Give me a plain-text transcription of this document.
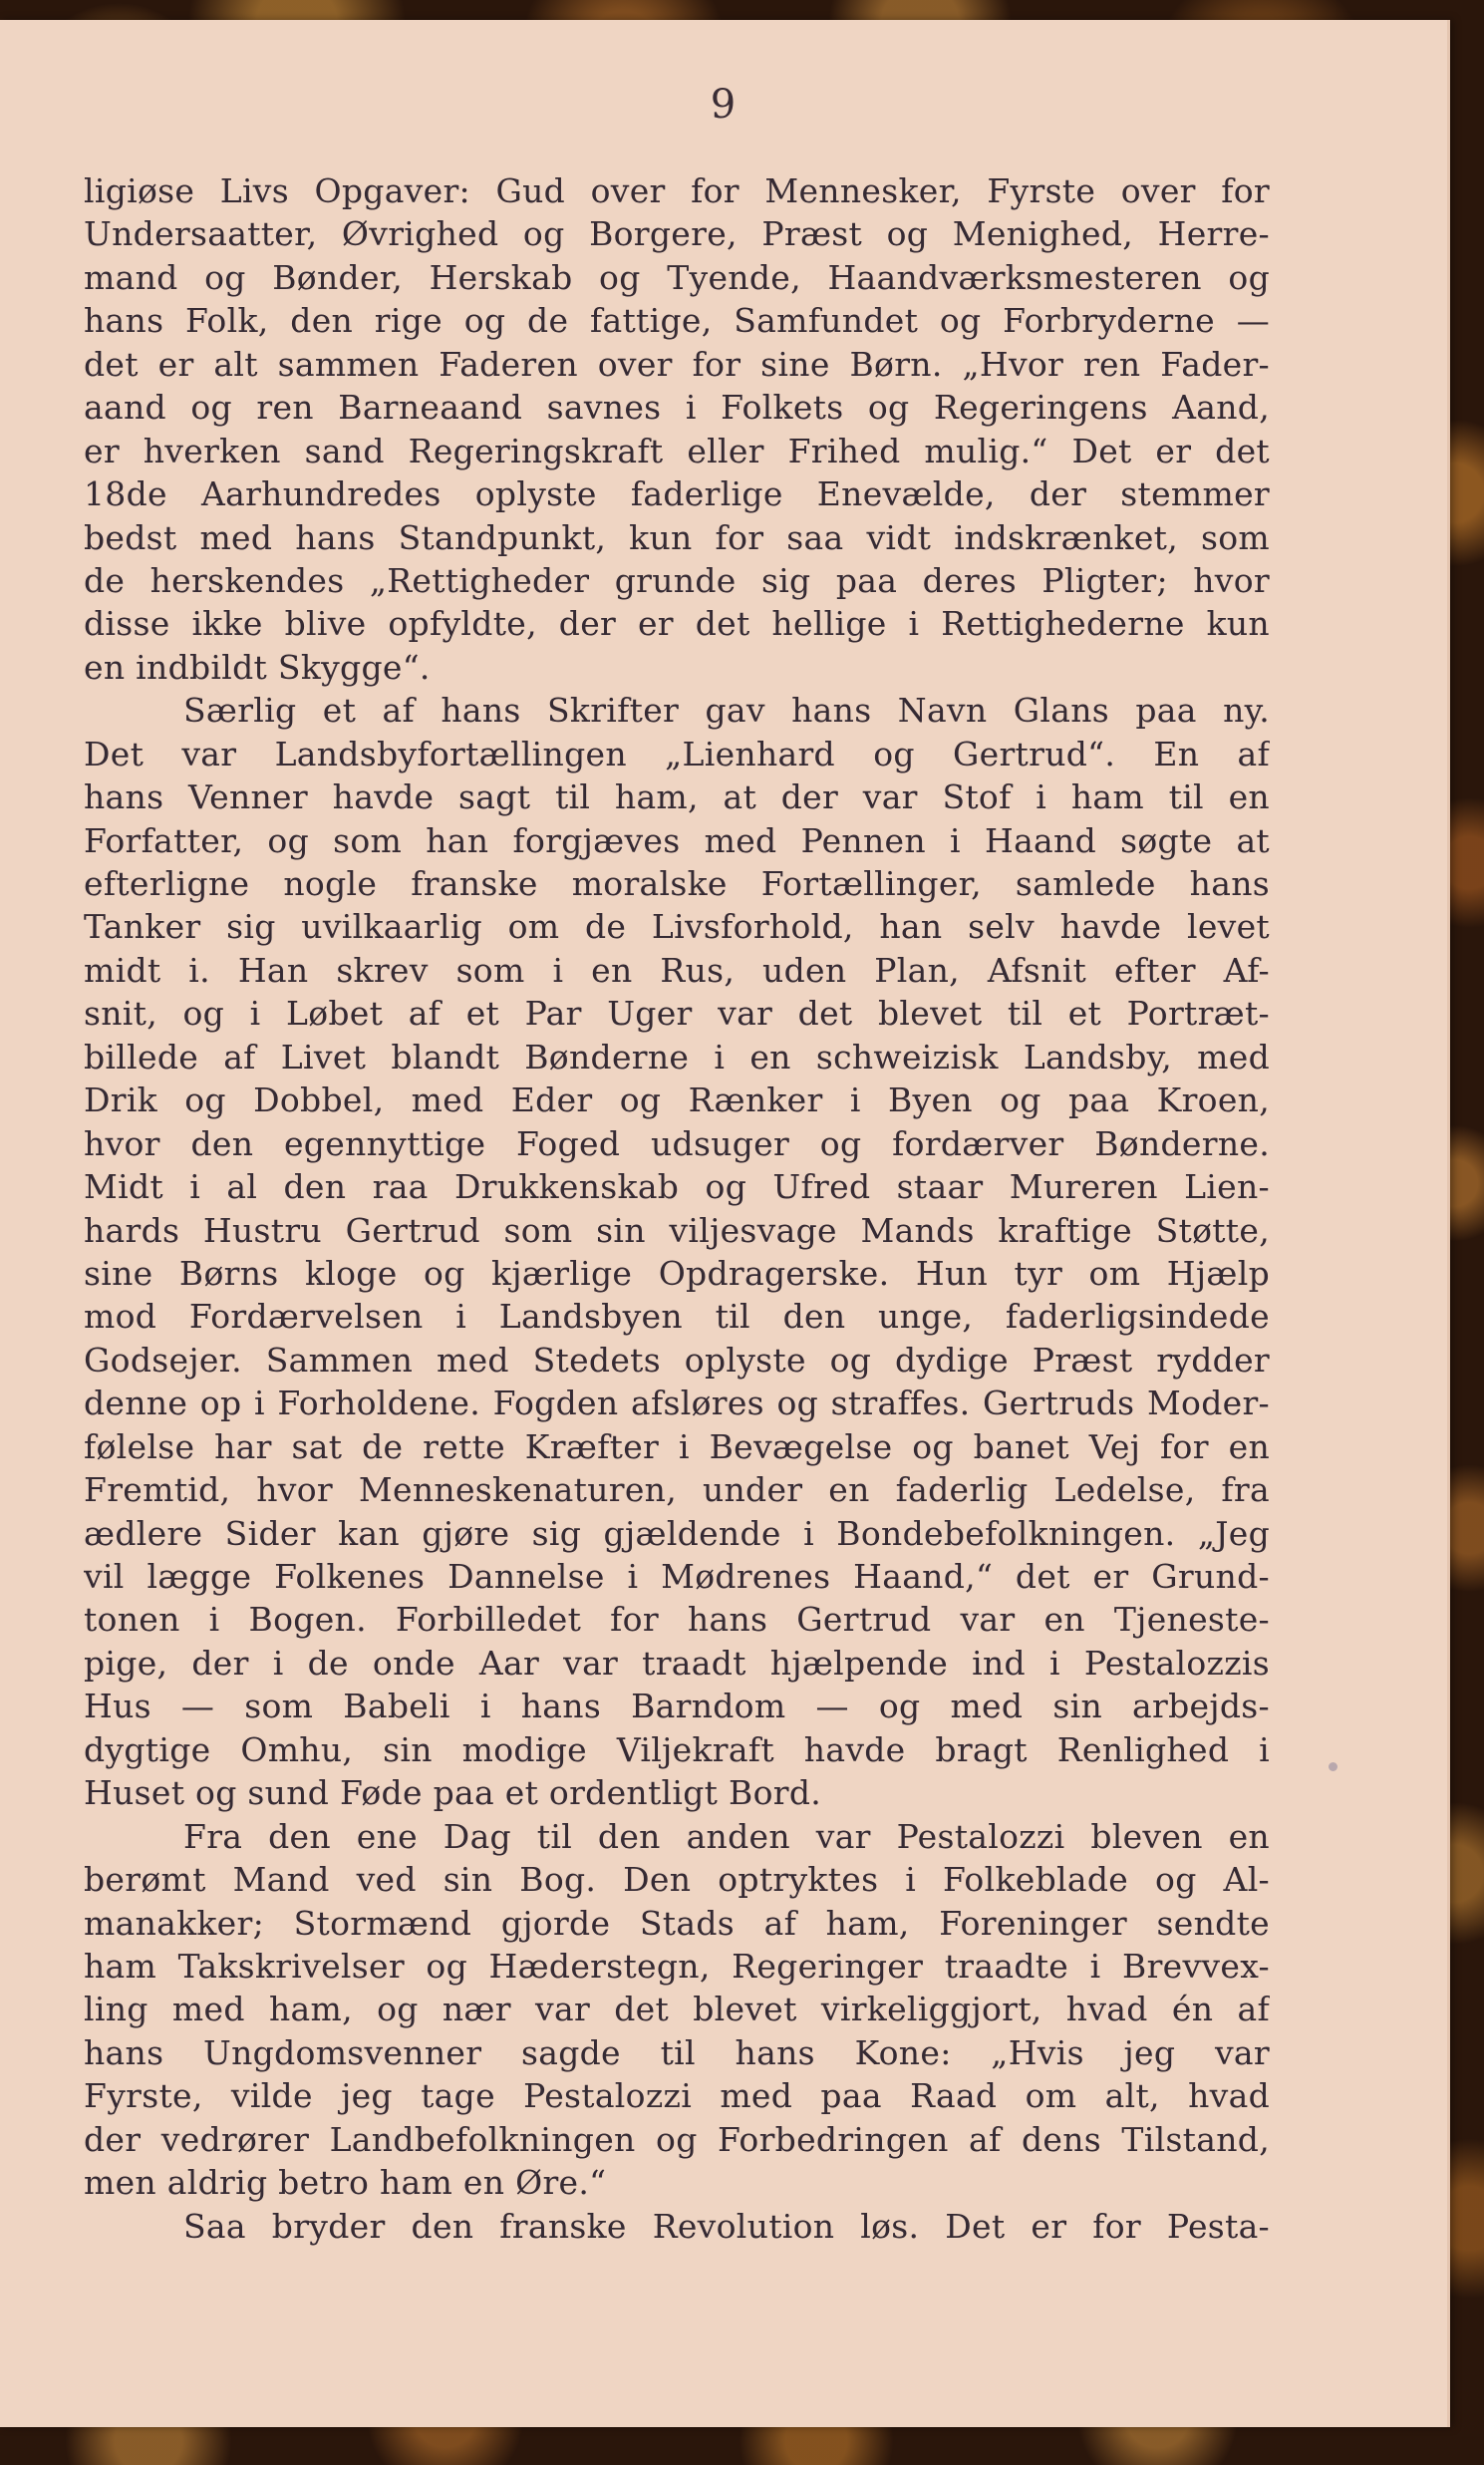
9
ligiøse Livs Opgaver: Gud over for Mennesker, Fyrste over for
Undersaatter, Øvrighed og Borgere, Præst og Menighed, Herre-
mand og Bønder, Herskab og Tyende, Haandværksmesteren og
hans Folk, den rige og de fattige, Samfundet og Forbryderne —
det er alt sammen Faderen over for sine Børn. „Hvor ren Fader-
aand og ren Barneaand savnes i Folkets og Regeringens Aand,
er hverken sand Regeringskraft eller Frihed mulig.“ Det er det
18de Aarhundredes oplyste faderlige Enevælde, der stemmer
bedst med hans Standpunkt, kun for saa vidt indskrænket, som
de herskendes „Rettigheder grunde sig paa deres Pligter; hvor
disse ikke blive opfyldte, der er det hellige i Rettighederne kun
en indbildt Skygge“.
Særlig et af hans Skrifter gav hans Navn Glans paa ny.
Det var Landsbyfortællingen „Lienhard og Gertrud“. En af
hans Venner havde sagt til ham, at der var Stof i ham til en
Forfatter, og som han forgjæves med Pennen i Haand søgte at
efterligne nogle franske moralske Fortællinger, samlede hans
Tanker sig uvilkaarlig om de Livsforhold, han selv havde levet
midt i. Han skrev som i en Rus, uden Plan, Afsnit efter Af-
snit, og i Løbet af et Par Uger var det blevet til et Portræt-
billede af Livet blandt Bønderne i en schweizisk Landsby, med
Drik og Dobbel, med Eder og Rænker i Byen og paa Kroen,
hvor den egennyttige Foged udsuger og fordærver Bønderne.
Midt i al den raa Drukkenskab og Ufred staar Mureren Lien-
hards Hustru Gertrud som sin viljesvage Mands kraftige Støtte,
sine Børns kloge og kjærlige Opdragerske. Hun tyr om Hjælp
mod Fordærvelsen i Landsbyen til den unge, faderligsindede
Godsejer. Sammen med Stedets oplyste og dydige Præst rydder
denne op i Forholdene. Fogden afsløres og straffes. Gertruds Moder-
følelse har sat de rette Kræfter i Bevægelse og banet Vej for en
Fremtid, hvor Menneskenaturen, under en faderlig Ledelse, fra
ædlere Sider kan gjøre sig gjældende i Bondebefolkningen. „Jeg
vil lægge Folkenes Dannelse i Mødrenes Haand,“ det er Grund-
tonen i Bogen. Forbilledet for hans Gertrud var en Tjeneste-
pige, der i de onde Aar var traadt hjælpende ind i Pestalozzis
Hus — som Babeli i hans Barndom — og med sin arbejds-
dygtige Omhu, sin modige Viljekraft havde bragt Renlighed i
Huset og sund Føde paa et ordentligt Bord.
Fra den ene Dag til den anden var Pestalozzi bleven en
berømt Mand ved sin Bog. Den optryktes i Folkeblade og Al-
manakker; Stormænd gjorde Stads af ham, Foreninger sendte
ham Takskrivelser og Hæderstegn, Regeringer traadte i Brevvex-
ling med ham, og nær var det blevet virkeliggjort, hvad én af
hans Ungdomsvenner sagde til hans Kone: „Hvis jeg var
Fyrste, vilde jeg tage Pestalozzi med paa Raad om alt, hvad
der vedrører Landbefolkningen og Forbedringen af dens Tilstand,
men aldrig betro ham en Øre.“
Saa bryder den franske Revolution løs. Det er for Pesta-
